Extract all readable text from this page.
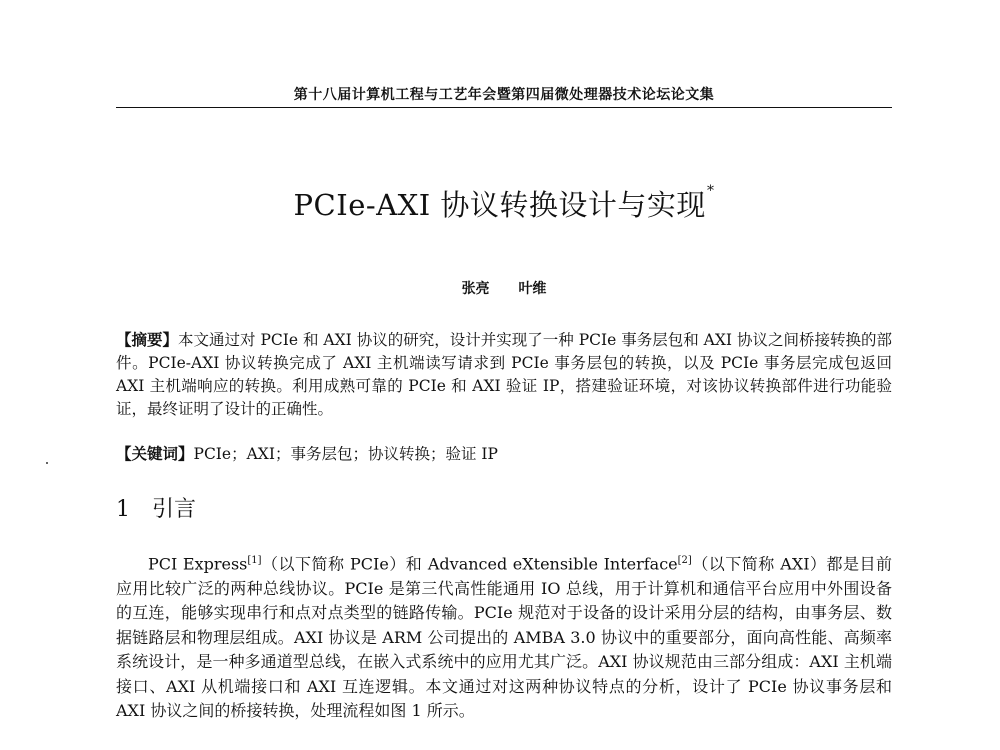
第十八届计算机工程与工艺年会暨第四届微处理器技术论坛论文集
PCIe-AXI 协议转换设计与实现*
张亮 叶维
【摘要】本文通过对 PCIe 和 AXI 协议的研究，设计并实现了一种 PCIe 事务层包和 AXI 协议之间桥接转换的部件。PCIe-AXI 协议转换完成了 AXI 主机端读写请求到 PCIe 事务层包的转换，以及 PCIe 事务层完成包返回 AXI 主机端响应的转换。利用成熟可靠的 PCIe 和 AXI 验证 IP，搭建验证环境，对该协议转换部件进行功能验证，最终证明了设计的正确性。
【关键词】PCIe；AXI；事务层包；协议转换；验证 IP
1 引言
PCI Express[1]（以下简称 PCIe）和 Advanced eXtensible Interface[2]（以下简称 AXI）都是目前应用比较广泛的两种总线协议。PCIe 是第三代高性能通用 IO 总线，用于计算机和通信平台应用中外围设备的互连，能够实现串行和点对点类型的链路传输。PCIe 规范对于设备的设计采用分层的结构，由事务层、数据链路层和物理层组成。AXI 协议是 ARM 公司提出的 AMBA 3.0 协议中的重要部分，面向高性能、高频率系统设计，是一种多通道型总线，在嵌入式系统中的应用尤其广泛。AXI 协议规范由三部分组成：AXI 主机端接口、AXI 从机端接口和 AXI 互连逻辑。本文通过对这两种协议特点的分析，设计了 PCIe 协议事务层和 AXI 协议之间的桥接转换，处理流程如图 1 所示。
